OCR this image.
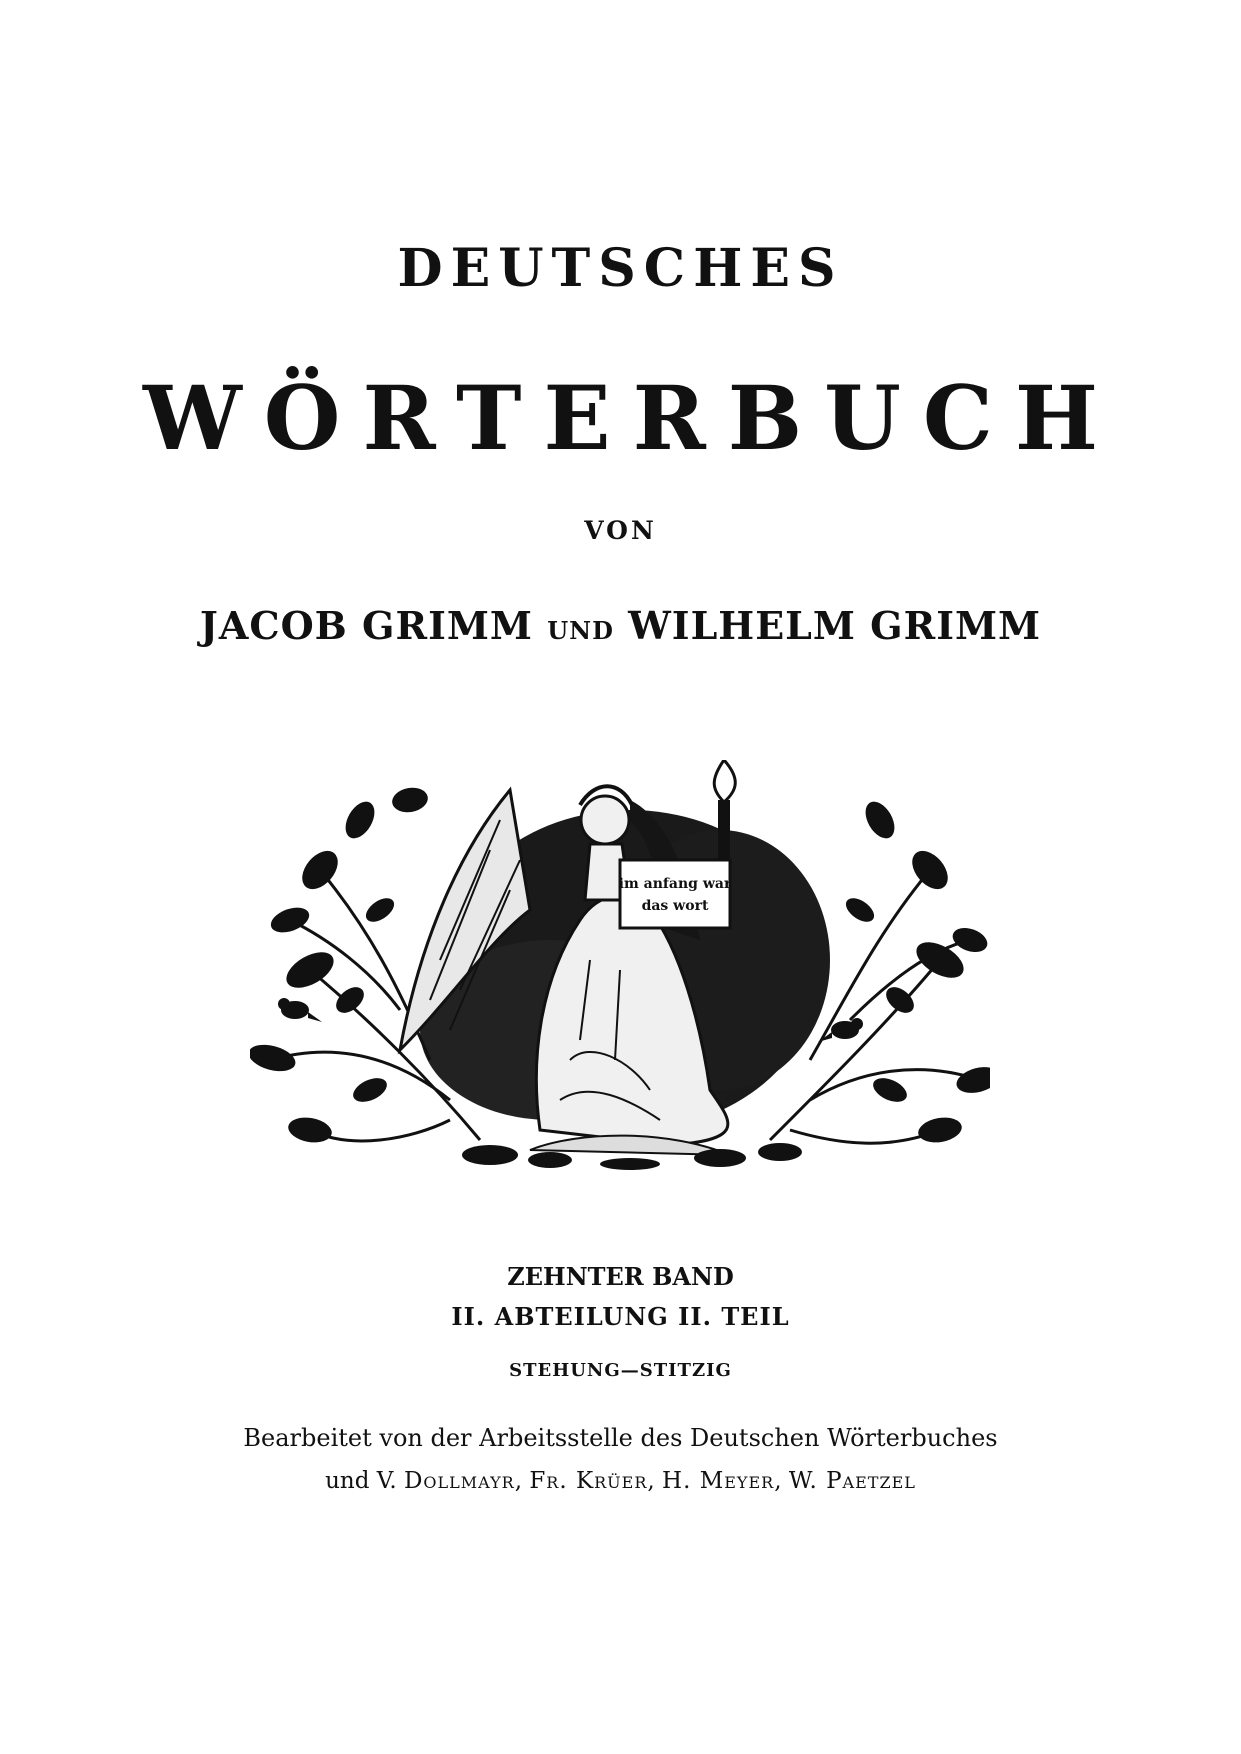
DEUTSCHES
WÖRTERBUCH
VON
JACOB GRIMM UND WILHELM GRIMM
im anfang war
das wort
ZEHNTER BAND
II. ABTEILUNG II. TEIL
STEHUNG—STITZIG
Bearbeitet von der Arbeitsstelle des Deutschen Wörterbuches
und V. Dollmayr, Fr. Krüer, H. Meyer, W. Paetzel
